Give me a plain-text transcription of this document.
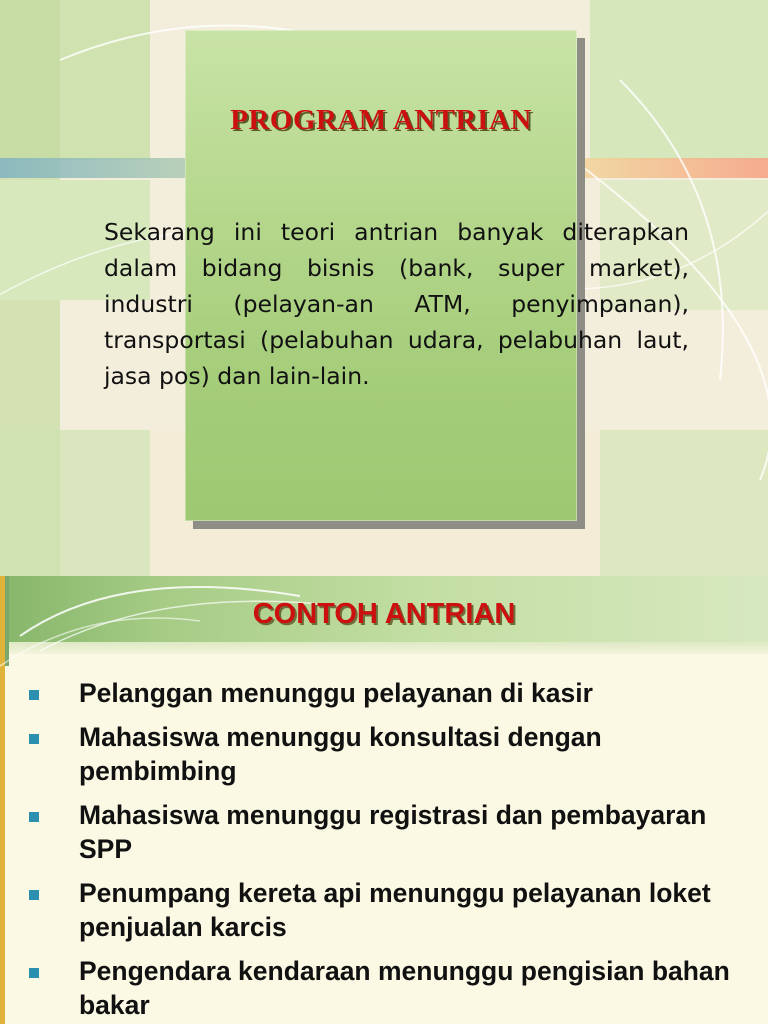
PROGRAM ANTRIAN
Sekarang ini teori antrian banyak diterapkan dalam bidang bisnis (bank, super market), industri (pelayan-an ATM, penyimpanan), transportasi (pelabuhan udara, pelabuhan laut, jasa pos) dan lain-lain.
CONTOH ANTRIAN
Pelanggan menunggu pelayanan di kasir
Mahasiswa menunggu konsultasi dengan pembimbing
Mahasiswa menunggu registrasi dan pembayaran SPP
Penumpang kereta api menunggu pelayanan loket penjualan karcis
Pengendara kendaraan menunggu pengisian bahan bakar
